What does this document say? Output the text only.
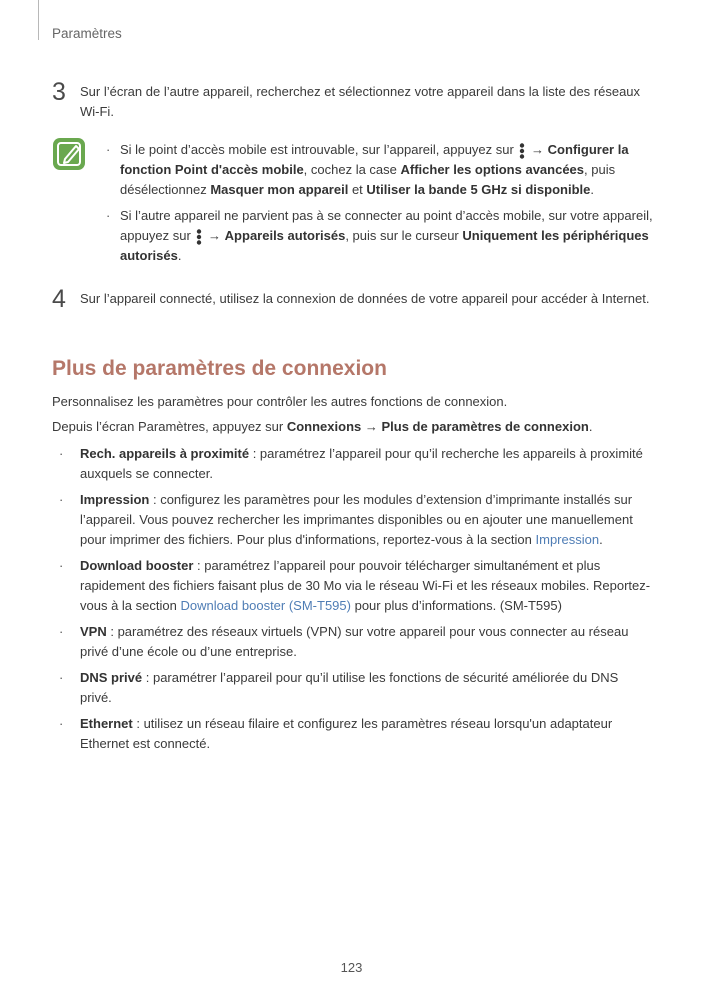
Paramètres
3 Sur l’écran de l’autre appareil, recherchez et sélectionnez votre appareil dans la liste des réseaux Wi-Fi.
· Si le point d’accès mobile est introuvable, sur l’appareil, appuyez sur  → Configurer la fonction Point d'accès mobile, cochez la case Afficher les options avancées, puis désélectionnez Masquer mon appareil et Utiliser la bande 5 GHz si disponible.
· Si l’autre appareil ne parvient pas à se connecter au point d’accès mobile, sur votre appareil, appuyez sur  → Appareils autorisés, puis sur le curseur Uniquement les périphériques autorisés.
4 Sur l’appareil connecté, utilisez la connexion de données de votre appareil pour accéder à Internet.
Plus de paramètres de connexion
Personnalisez les paramètres pour contrôler les autres fonctions de connexion.
Depuis l’écran Paramètres, appuyez sur Connexions → Plus de paramètres de connexion.
· Rech. appareils à proximité : paramétrez l’appareil pour qu’il recherche les appareils à proximité auxquels se connecter.
· Impression : configurez les paramètres pour les modules d’extension d’imprimante installés sur l’appareil. Vous pouvez rechercher les imprimantes disponibles ou en ajouter une manuellement pour imprimer des fichiers. Pour plus d'informations, reportez-vous à la section Impression.
· Download booster : paramétrez l’appareil pour pouvoir télécharger simultanément et plus rapidement des fichiers faisant plus de 30 Mo via le réseau Wi-Fi et les réseaux mobiles. Reportez-vous à la section Download booster (SM-T595) pour plus d’informations. (SM-T595)
· VPN : paramétrez des réseaux virtuels (VPN) sur votre appareil pour vous connecter au réseau privé d’une école ou d’une entreprise.
· DNS privé : paramétrer l’appareil pour qu’il utilise les fonctions de sécurité améliorée du DNS privé.
· Ethernet : utilisez un réseau filaire et configurez les paramètres réseau lorsqu'un adaptateur Ethernet est connecté.
123
